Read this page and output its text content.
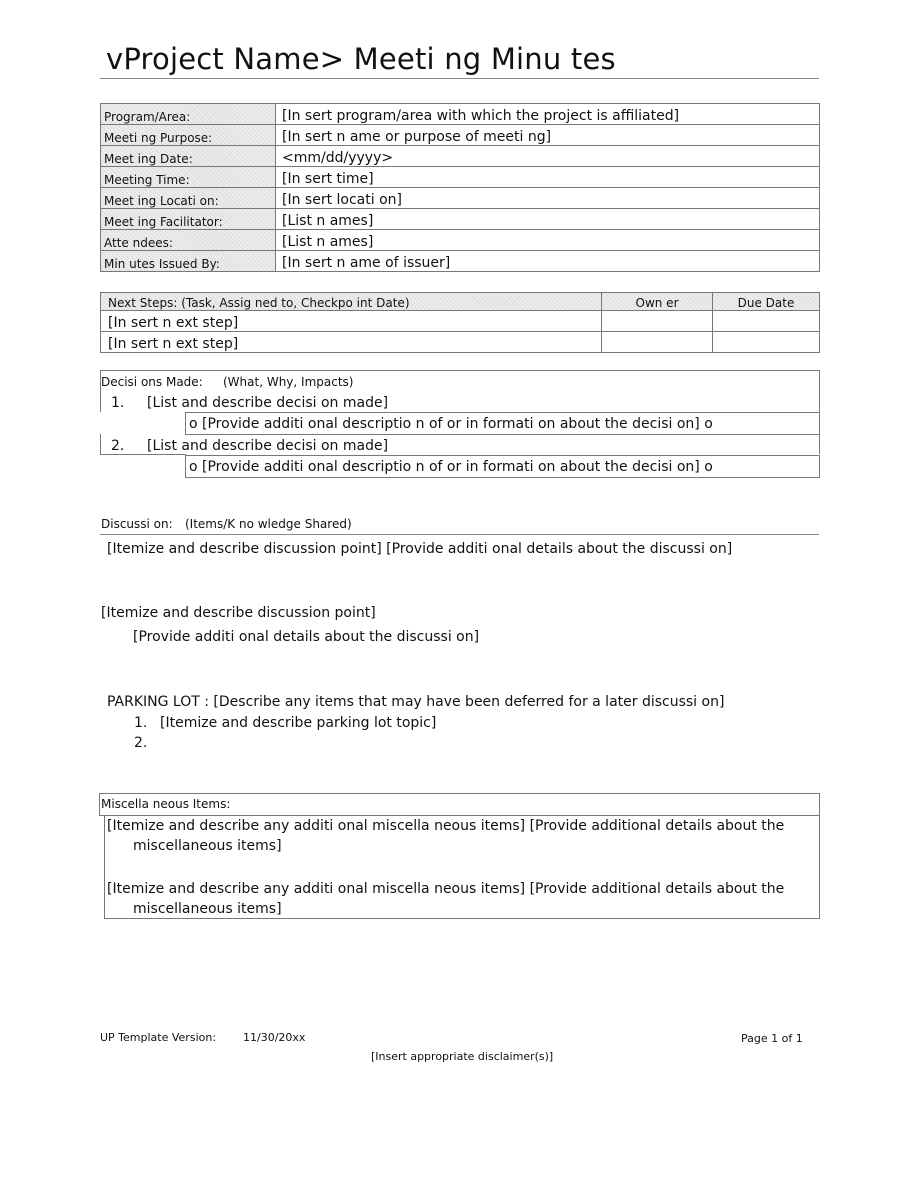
vProject Name> Meeti ng Minu tes
Program/Area:	[In sert program/area with which the project is affiliated]
Meeti ng Purpose:	[In sert n ame or purpose of meeti ng]
Meet ing Date:	<mm/dd/yyyy>
Meeting Time:	[In sert time]
Meet ing Locati on:	[In sert locati on]
Meet ing Facilitator:	[List n ames]
Atte ndees:	[List n ames]
Min utes Issued By:	[In sert n ame of issuer]
Next Steps: (Task, Assig ned to, Checkpo int Date)	Own er	Due Date
[In sert n ext step]		
[In sert n ext step]		
Decisi ons Made: (What, Why, Impacts)
1. [List and describe decisi on made]
o [Provide additi onal descriptio n of or in formati on about the decisi on] o
2. [List and describe decisi on made]
o [Provide additi onal descriptio n of or in formati on about the decisi on] o
Discussi on: (Items/K no wledge Shared)
[Itemize and describe discussion point] [Provide additi onal details about the discussi on]
[Itemize and describe discussion point]
[Provide additi onal details about the discussi on]
PARKING LOT : [Describe any items that may have been deferred for a later discussi on]
1. [Itemize and describe parking lot topic]
2.
Miscella neous Items:
[Itemize and describe any additi onal miscella neous items] [Provide additional details about the
miscellaneous items]
[Itemize and describe any additi onal miscella neous items] [Provide additional details about the
miscellaneous items]
UP Template Version: 11/30/20xx	Page 1 of 1
[Insert appropriate disclaimer(s)]
